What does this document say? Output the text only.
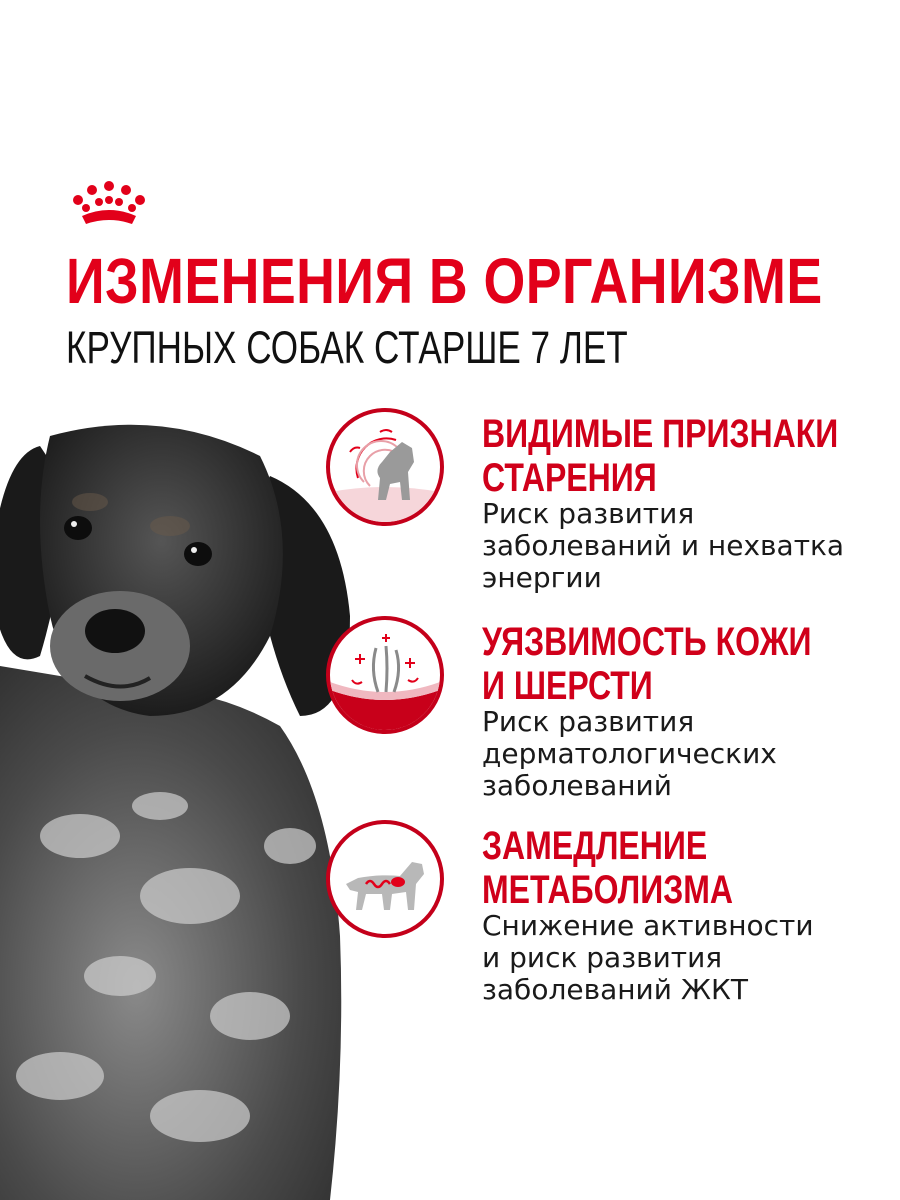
ИЗМЕНЕНИЯ В ОРГАНИЗМЕ
КРУПНЫХ СОБАК СТАРШЕ 7 ЛЕТ
ВИДИМЫЕ ПРИЗНАКИ
СТАРЕНИЯ
Риск развития
заболеваний и нехватка
энергии
УЯЗВИМОСТЬ КОЖИ
И ШЕРСТИ
Риск развития
дерматологических
заболеваний
ЗАМЕДЛЕНИЕ
МЕТАБОЛИЗМА
Снижение активности
и риск развития
заболеваний ЖКТ
